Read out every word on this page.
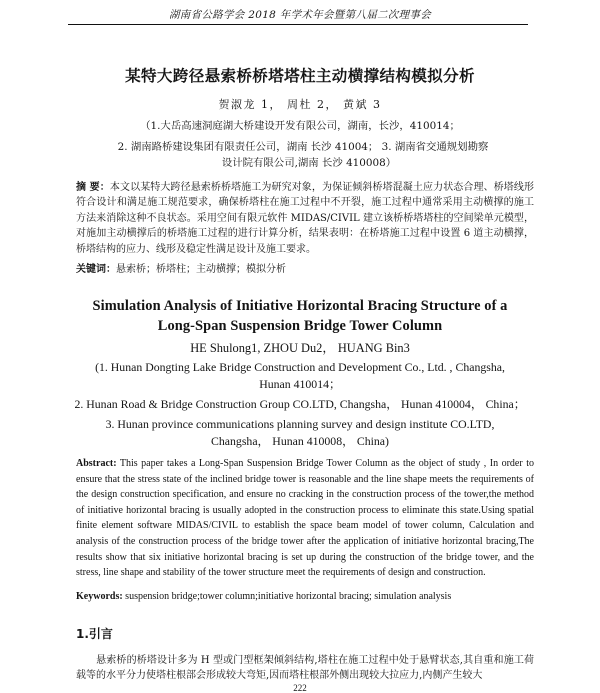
湖南省公路学会 2018 年学术年会暨第八届二次理事会
某特大跨径悬索桥桥塔塔柱主动横撑结构模拟分析
贺淑龙 1， 周杜 2， 黄斌 3
（1.大岳高速洞庭湖大桥建设开发有限公司，湖南，长沙，410014；
2. 湖南路桥建设集团有限责任公司，湖南 长沙 41004； 3. 湖南省交通规划勘察
设计院有限公司,湖南 长沙 410008）
摘 要：本文以某特大跨径悬索桥桥塔施工为研究对象，为保证倾斜桥塔混凝土应力状态合理、桥塔线形符合设计和满足施工规范要求，确保桥塔柱在施工过程中不开裂，施工过程中通常采用主动横撑的施工方法来消除这种不良状态。采用空间有限元软件 MIDAS/CIVIL 建立该桥桥塔塔柱的空间梁单元模型，对施加主动横撑后的桥塔施工过程的进行计算分析，结果表明：在桥塔施工过程中设置 6 道主动横撑，桥塔结构的应力、线形及稳定性满足设计及施工要求。
关键词：悬索桥；桥塔柱；主动横撑；模拟分析
Simulation Analysis of Initiative Horizontal Bracing Structure of a
Long-Span Suspension Bridge Tower Column
HE Shulong1, ZHOU Du2， HUANG Bin3
(1. Hunan Dongting Lake Bridge Construction and Development Co., Ltd. , Changsha,
Hunan 410014；
2. Hunan Road & Bridge Construction Group CO.LTD, Changsha， Hunan 410004， China；
3. Hunan province communications planning survey and design institute CO.LTD,
Changsha， Hunan 410008， China)
Abstract: This paper takes a Long-Span Suspension Bridge Tower Column as the object of study , In order to ensure that the stress state of the inclined bridge tower is reasonable and the line shape meets the requirements of the design construction specification, and ensure no cracking in the construction process of the tower,the method of initiative horizontal bracing is usually adopted in the construction process to eliminate this state.Using spatial finite element software MIDAS/CIVIL to establish the space beam model of tower column, Calculation and analysis of the construction process of the bridge tower after the application of initiative horizontal bracing,The results show that six initiative horizontal bracing is set up during the construction of the bridge tower, and the stress, line shape and stability of the tower structure meet the requirements of design and construction.
Keywords: suspension bridge;tower column;initiative horizontal bracing; simulation analysis
1.引言
悬索桥的桥塔设计多为 H 型或门型框架倾斜结构,塔柱在施工过程中处于悬臂状态,其自重和施工荷载等的水平分力使塔柱根部会形成较大弯矩,因而塔柱根部外侧出现较大拉应力,内侧产生较大
222
